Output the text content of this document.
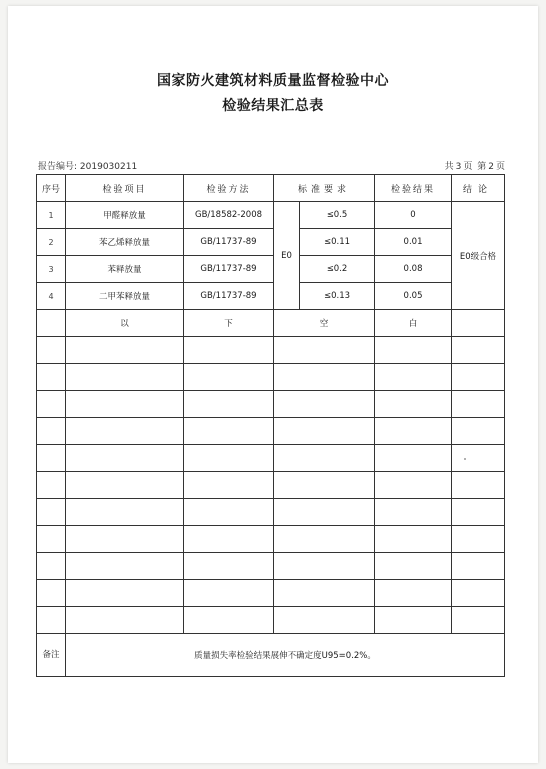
国家防火建筑材料质量监督检验中心
检验结果汇总表
报告编号: 2019030211	共 3 页 第 2 页
序号	检验项目	检验方法	标准要求		检验结果	结论
1	甲醛释放量	GB/18582-2008	E0	≤0.5	0	E0级合格
2	苯乙烯释放量	GB/11737-89		≤0.11	0.01	
3	苯释放量	GB/11737-89		≤0.2	0.08	
4	二甲苯释放量	GB/11737-89		≤0.13	0.05	
	以	下	空		白	

备注	质量损失率检验结果展伸不确定度U95=0.2%。					
